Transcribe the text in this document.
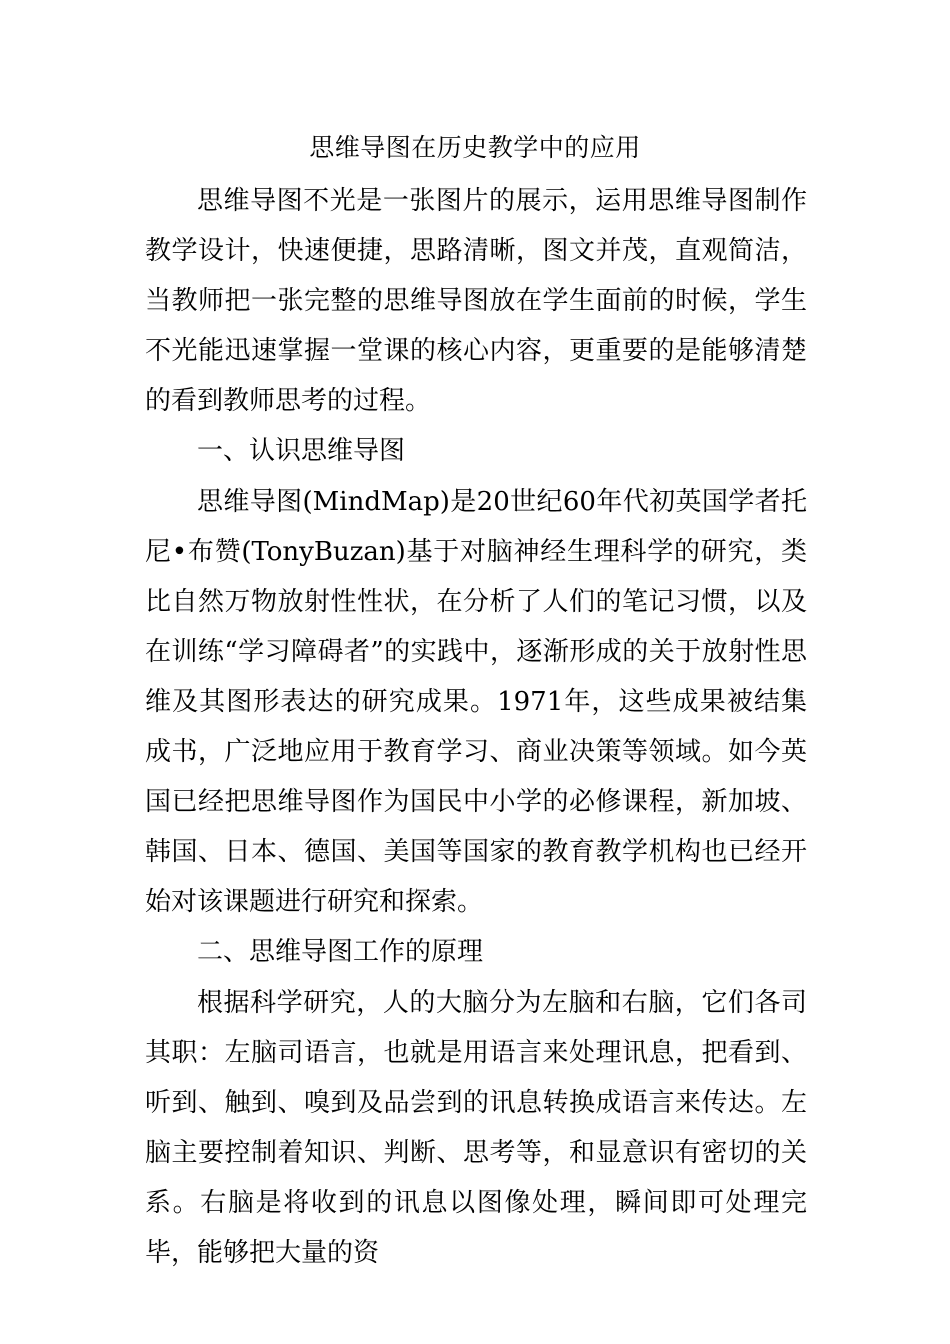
思维导图在历史教学中的应用

思维导图不光是一张图片的展示，运用思维导图制作教学设计，快速便捷，思路清晰，图文并茂，直观简洁，当教师把一张完整的思维导图放在学生面前的时候，学生不光能迅速掌握一堂课的核心内容，更重要的是能够清楚的看到教师思考的过程。

一、认识思维导图

思维导图(MindMap)是20世纪60年代初英国学者托尼•布赞(TonyBuzan)基于对脑神经生理科学的研究，类比自然万物放射性性状，在分析了人们的笔记习惯，以及在训练“学习障碍者”的实践中，逐渐形成的关于放射性思维及其图形表达的研究成果。1971年，这些成果被结集成书，广泛地应用于教育学习、商业决策等领域。如今英国已经把思维导图作为国民中小学的必修课程，新加坡、韩国、日本、德国、美国等国家的教育教学机构也已经开始对该课题进行研究和探索。

二、思维导图工作的原理

根据科学研究，人的大脑分为左脑和右脑，它们各司其职：左脑司语言，也就是用语言来处理讯息，把看到、听到、触到、嗅到及品尝到的讯息转换成语言来传达。左脑主要控制着知识、判断、思考等，和显意识有密切的关系。右脑是将收到的讯息以图像处理，瞬间即可处理完毕，能够把大量的资
